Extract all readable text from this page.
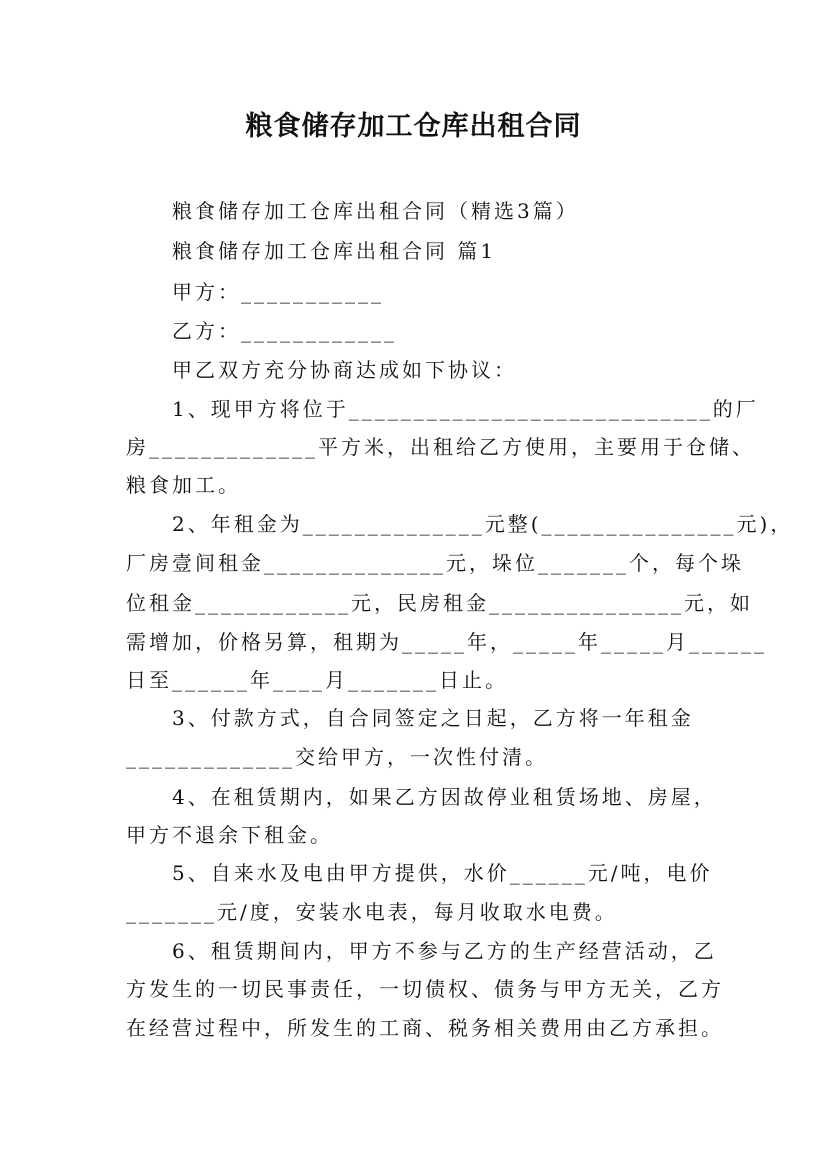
粮食储存加工仓库出租合同
粮食储存加工仓库出租合同（精选3篇）
粮食储存加工仓库出租合同 篇1
甲方：___________
乙方：____________
甲乙双方充分协商达成如下协议：
1、现甲方将位于____________________________的厂
房_____________平方米，出租给乙方使用，主要用于仓储、
粮食加工。
2、年租金为______________元整(_______________元)，
厂房壹间租金______________元，垛位_______个，每个垛
位租金____________元，民房租金_______________元，如
需增加，价格另算，租期为_____年，_____年_____月______
日至______年____月_______日止。
3、付款方式，自合同签定之日起，乙方将一年租金
_____________交给甲方，一次性付清。
4、在租赁期内，如果乙方因故停业租赁场地、房屋，
甲方不退余下租金。
5、自来水及电由甲方提供，水价______元/吨，电价
_______元/度，安装水电表，每月收取水电费。
6、租赁期间内，甲方不参与乙方的生产经营活动，乙
方发生的一切民事责任，一切债权、债务与甲方无关，乙方
在经营过程中，所发生的工商、税务相关费用由乙方承担。
